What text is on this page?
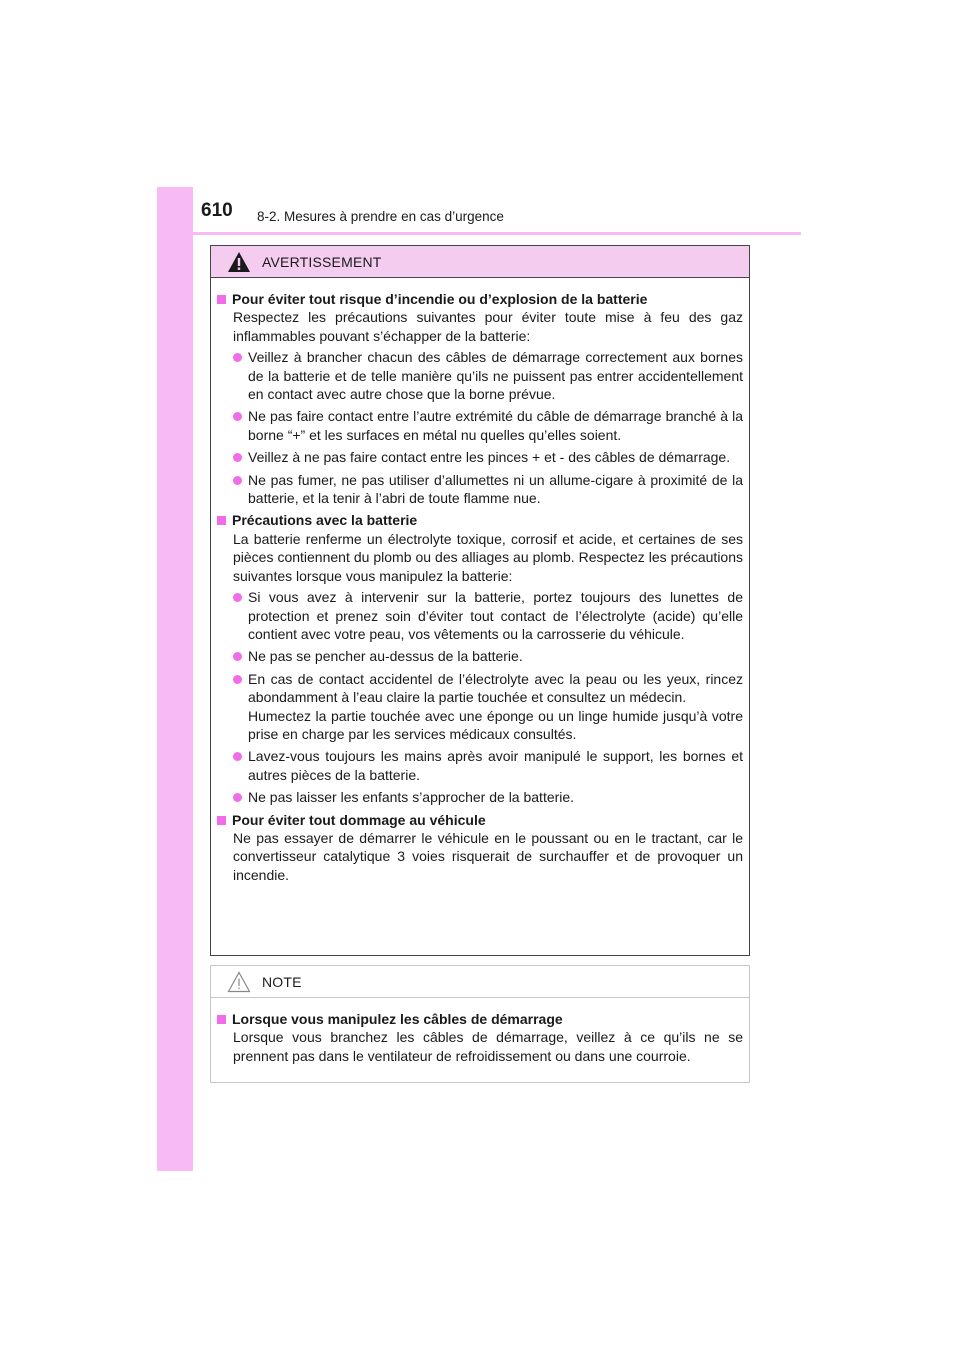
610 8-2. Mesures à prendre en cas d’urgence
AVERTISSEMENT
Pour éviter tout risque d’incendie ou d’explosion de la batterie
Respectez les précautions suivantes pour éviter toute mise à feu des gaz inflammables pouvant s’échapper de la batterie:
Veillez à brancher chacun des câbles de démarrage correctement aux bornes de la batterie et de telle manière qu’ils ne puissent pas entrer accidentellement en contact avec autre chose que la borne prévue.
Ne pas faire contact entre l’autre extrémité du câble de démarrage branché à la borne “+” et les surfaces en métal nu quelles qu’elles soient.
Veillez à ne pas faire contact entre les pinces + et - des câbles de démarrage.
Ne pas fumer, ne pas utiliser d’allumettes ni un allume-cigare à proximité de la batterie, et la tenir à l’abri de toute flamme nue.
Précautions avec la batterie
La batterie renferme un électrolyte toxique, corrosif et acide, et certaines de ses pièces contiennent du plomb ou des alliages au plomb. Respectez les précautions suivantes lorsque vous manipulez la batterie:
Si vous avez à intervenir sur la batterie, portez toujours des lunettes de protection et prenez soin d’éviter tout contact de l’électrolyte (acide) qu’elle contient avec votre peau, vos vêtements ou la carrosserie du véhicule.
Ne pas se pencher au-dessus de la batterie.
En cas de contact accidentel de l’électrolyte avec la peau ou les yeux, rincez abondamment à l’eau claire la partie touchée et consultez un médecin.
Humectez la partie touchée avec une éponge ou un linge humide jusqu’à votre prise en charge par les services médicaux consultés.
Lavez-vous toujours les mains après avoir manipulé le support, les bornes et autres pièces de la batterie.
Ne pas laisser les enfants s’approcher de la batterie.
Pour éviter tout dommage au véhicule
Ne pas essayer de démarrer le véhicule en le poussant ou en le tractant, car le convertisseur catalytique 3 voies risquerait de surchauffer et de provoquer un incendie.
NOTE
Lorsque vous manipulez les câbles de démarrage
Lorsque vous branchez les câbles de démarrage, veillez à ce qu’ils ne se prennent pas dans le ventilateur de refroidissement ou dans une courroie.
